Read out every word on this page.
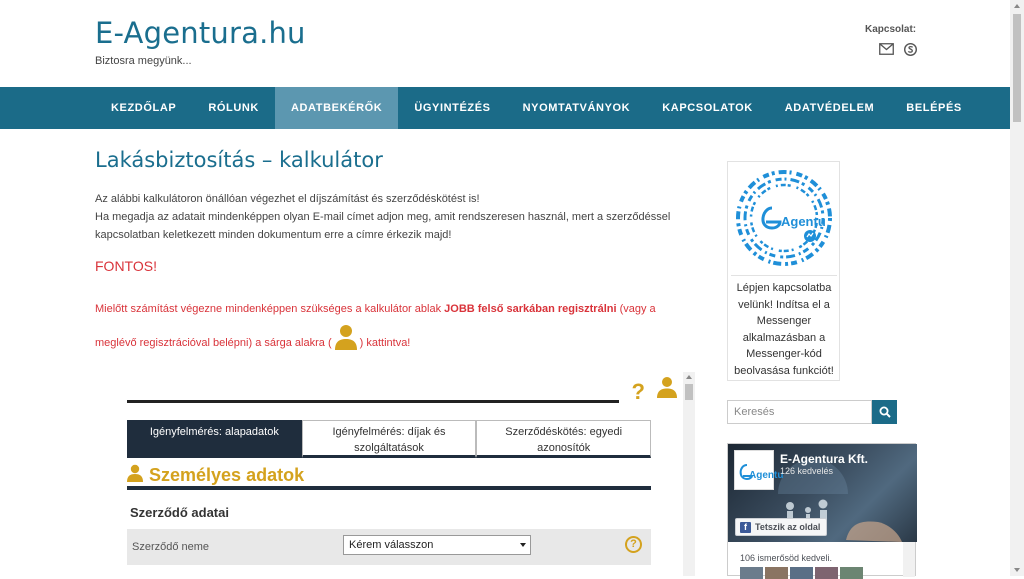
E-Agentura.hu
Biztosra megyünk...
Kapcsolat:
KEZDŐLAP	RÓLUNK	ADATBEKÉRŐK	ÜGYINTÉZÉS	NYOMTATVÁNYOK	KAPCSOLATOK	ADATVÉDELEM	BELÉPÉS
Lakásbiztosítás – kalkulátor
Az alábbi kalkulátoron önállóan végezhet el díjszámítást és szerződéskötést is!
Ha megadja az adatait mindenképpen olyan E-mail címet adjon meg, amit rendszeresen használ, mert a szerződéssel kapcsolatban keletkezett minden dokumentum erre a címre érkezik majd!
FONTOS!
Mielőtt számítást végezne mindenképpen szükséges a kalkulátor ablak JOBB felső sarkában regisztrálni (vagy a meglévő regisztrációval belépni) a sárga alakra (	) kattintva!
?
Igényfelmérés: alapadatok	Igényfelmérés: díjak és szolgáltatások
Szerződéskötés: egyedi azonosítók
Személyes adatok
Szerződő adatai
Szerződő neme	Kérem válasszon	?
Agentu
Lépjen kapcsolatba velünk! Indítsa el a Messenger alkalmazásban a Messenger-kód beolvasása funkciót!
Keresés
Agentu
E-Agentura Kft.
126 kedvelés
f Tetszik az oldal
106 ismerősöd kedveli.
